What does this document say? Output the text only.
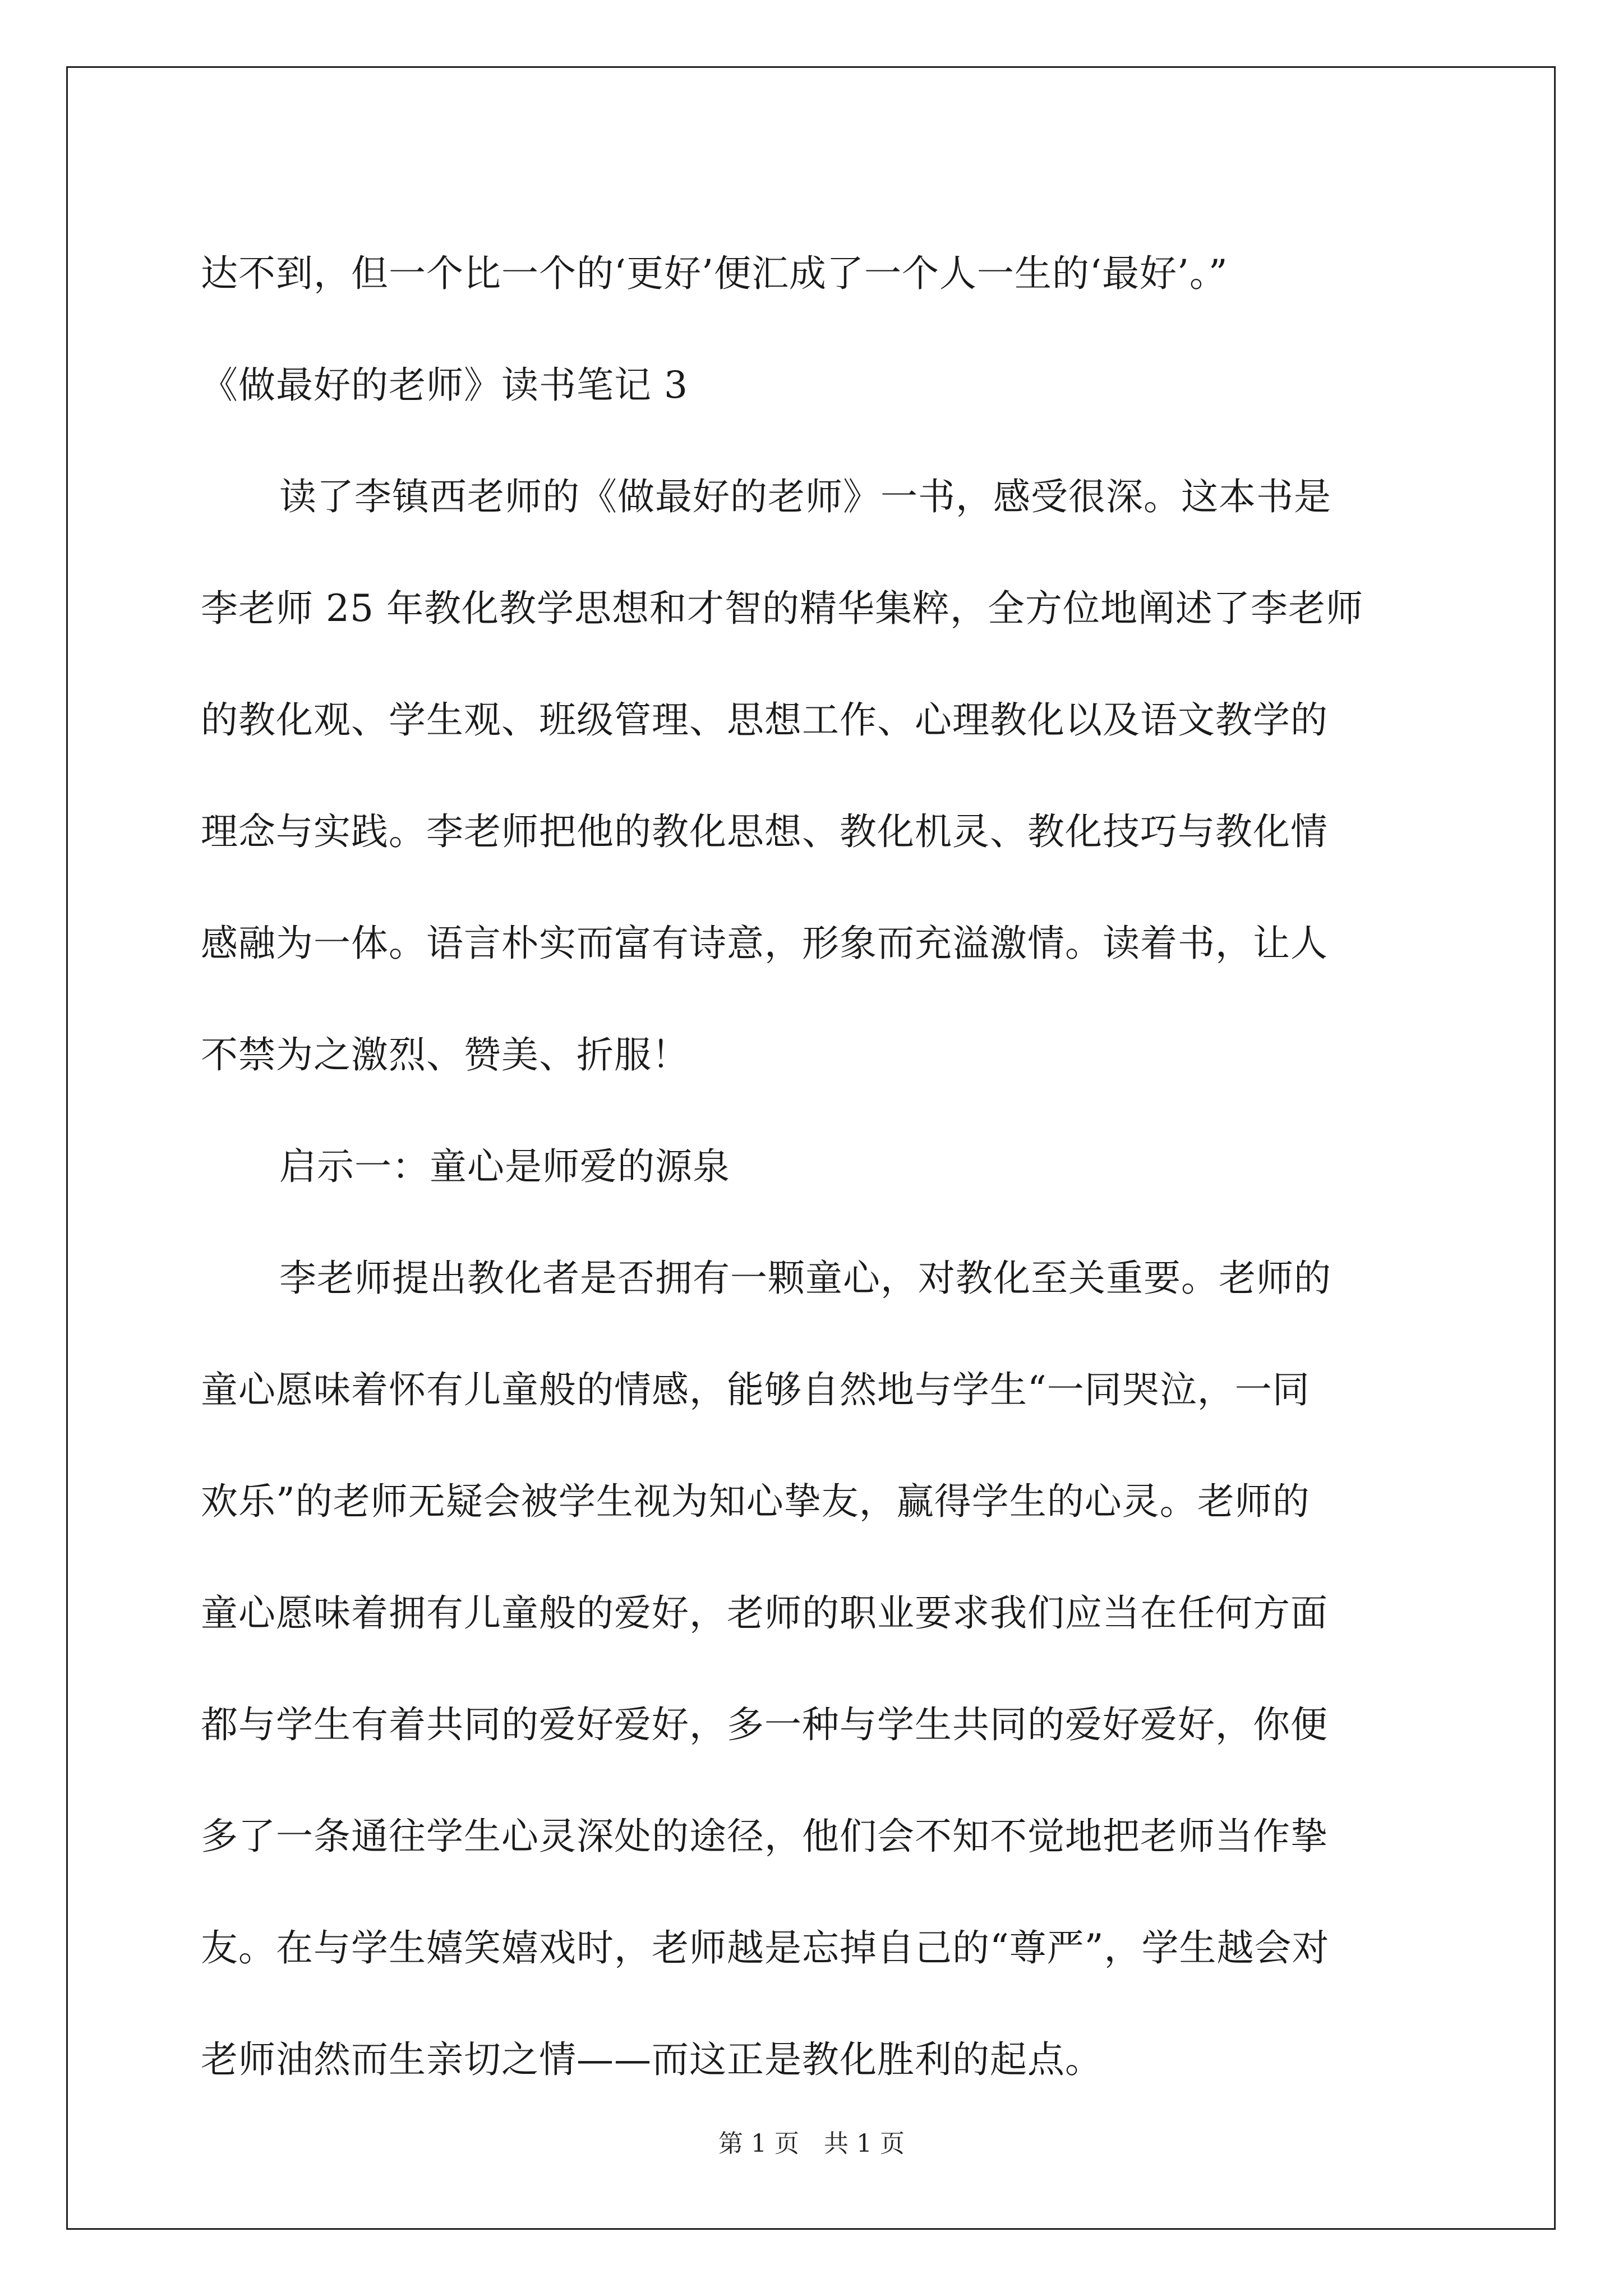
达不到，但一个比一个的‘更好’便汇成了一个人一生的‘最好’。”

《做最好的老师》读书笔记 3

读了李镇西老师的《做最好的老师》一书，感受很深。这本书是

李老师 25 年教化教学思想和才智的精华集粹，全方位地阐述了李老师

的教化观、学生观、班级管理、思想工作、心理教化以及语文教学的

理念与实践。李老师把他的教化思想、教化机灵、教化技巧与教化情

感融为一体。语言朴实而富有诗意，形象而充溢激情。读着书，让人

不禁为之激烈、赞美、折服！

启示一：童心是师爱的源泉

李老师提出教化者是否拥有一颗童心，对教化至关重要。老师的

童心愿味着怀有儿童般的情感，能够自然地与学生“一同哭泣，一同

欢乐”的老师无疑会被学生视为知心挚友，赢得学生的心灵。老师的

童心愿味着拥有儿童般的爱好，老师的职业要求我们应当在任何方面

都与学生有着共同的爱好爱好，多一种与学生共同的爱好爱好，你便

多了一条通往学生心灵深处的途径，他们会不知不觉地把老师当作挚

友。在与学生嬉笑嬉戏时，老师越是忘掉自己的“尊严”，学生越会对

老师油然而生亲切之情——而这正是教化胜利的起点。

第 1 页　共 1 页
